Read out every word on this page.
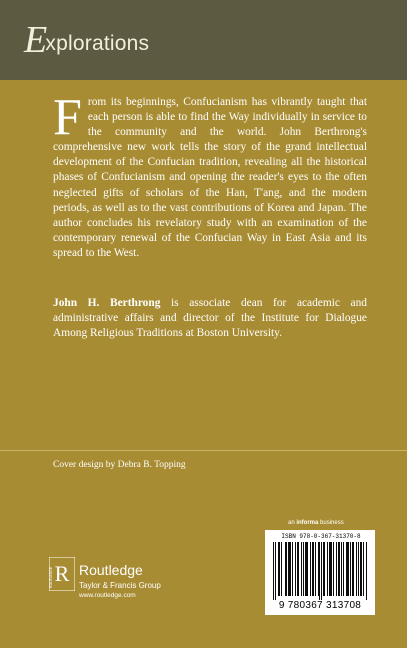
Explorations

From its beginnings, Confucianism has vibrantly taught that each person is able to find the Way individually in service to the community and the world. John Berthrong's comprehensive new work tells the story of the grand intellectual development of the Confucian tradition, revealing all the historical phases of Confucianism and opening the reader's eyes to the often neglected gifts of scholars of the Han, T'ang, and the modern periods, as well as to the vast contributions of Korea and Japan. The author concludes his revelatory study with an examination of the contemporary renewal of the Confucian Way in East Asia and its spread to the West.

John H. Berthrong is associate dean for academic and administrative affairs and director of the Institute for Dialogue Among Religious Traditions at Boston University.

Cover design by Debra B. Topping
R
ROUTLEDGE Routledge
Taylor & Francis Group
www.routledge.com
an informa business
ISBN 978-0-367-31370-8
9 780367 313708
